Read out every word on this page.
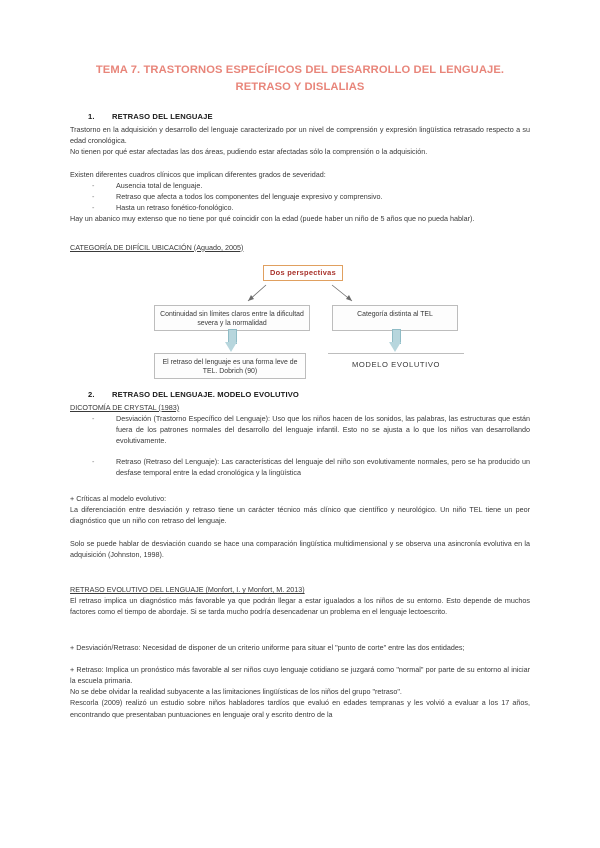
TEMA 7. TRASTORNOS ESPECÍFICOS DEL DESARROLLO DEL LENGUAJE.
RETRASO Y DISLALIAS
1. RETRASO DEL LENGUAJE

Trastorno en la adquisición y desarrollo del lenguaje caracterizado por un nivel de comprensión y expresión lingüística retrasado respecto a su edad cronológica.

No tienen por qué estar afectadas las dos áreas, pudiendo estar afectadas sólo la comprensión o la adquisición.

Existen diferentes cuadros clínicos que implican diferentes grados de severidad:

- Ausencia total de lenguaje.
- Retraso que afecta a todos los componentes del lenguaje expresivo y comprensivo.
- Hasta un retraso fonético-fonológico.

Hay un abanico muy extenso que no tiene por qué coincidir con la edad (puede haber un niño de 5 años que no pueda hablar).

CATEGORÍA DE DIFÍCIL UBICACIÓN (Aguado, 2005)

Dos perspectivas
Continuidad sin límites claros entre la dificultad severa y la normalidad
El retraso del lenguaje es una forma leve de TEL. Dobrich (90)
Categoría distinta al TEL
MODELO EVOLUTIVO
2. RETRASO DEL LENGUAJE. MODELO EVOLUTIVO

DICOTOMÍA DE CRYSTAL (1983)

- Desviación (Trastorno Específico del Lenguaje): Uso que los niños hacen de los sonidos, las palabras, las estructuras que están fuera de los patrones normales del desarrollo del lenguaje infantil. Esto no se ajusta a lo que los niños van desarrollando evolutivamente.
- Retraso (Retraso del Lenguaje): Las características del lenguaje del niño son evolutivamente normales, pero se ha producido un desfase temporal entre la edad cronológica y la lingüística

+ Críticas al modelo evolutivo:

La diferenciación entre desviación y retraso tiene un carácter técnico más clínico que científico y neurológico. Un niño TEL tiene un peor diagnóstico que un niño con retraso del lenguaje.

Solo se puede hablar de desviación cuando se hace una comparación lingüística multidimensional y se observa una asincronía evolutiva en la adquisición (Johnston, 1998).

RETRASO EVOLUTIVO DEL LENGUAJE (Monfort, I. y Monfort, M. 2013)

El retraso implica un diagnóstico más favorable ya que podrán llegar a estar igualados a los niños de su entorno. Esto depende de muchos factores como el tiempo de abordaje. Si se tarda mucho podría desencadenar un problema en el lenguaje lectoescrito.

+ Desviación/Retraso: Necesidad de disponer de un criterio uniforme para situar el "punto de corte" entre las dos entidades;

+ Retraso: Implica un pronóstico más favorable al ser niños cuyo lenguaje cotidiano se juzgará como "normal" por parte de su entorno al iniciar la escuela primaria.

No se debe olvidar la realidad subyacente a las limitaciones lingüísticas de los niños del grupo "retraso".

Rescorla (2009) realizó un estudio sobre niños habladores tardíos que evaluó en edades tempranas y les volvió a evaluar a los 17 años, encontrando que presentaban puntuaciones en lenguaje oral y escrito dentro de la
